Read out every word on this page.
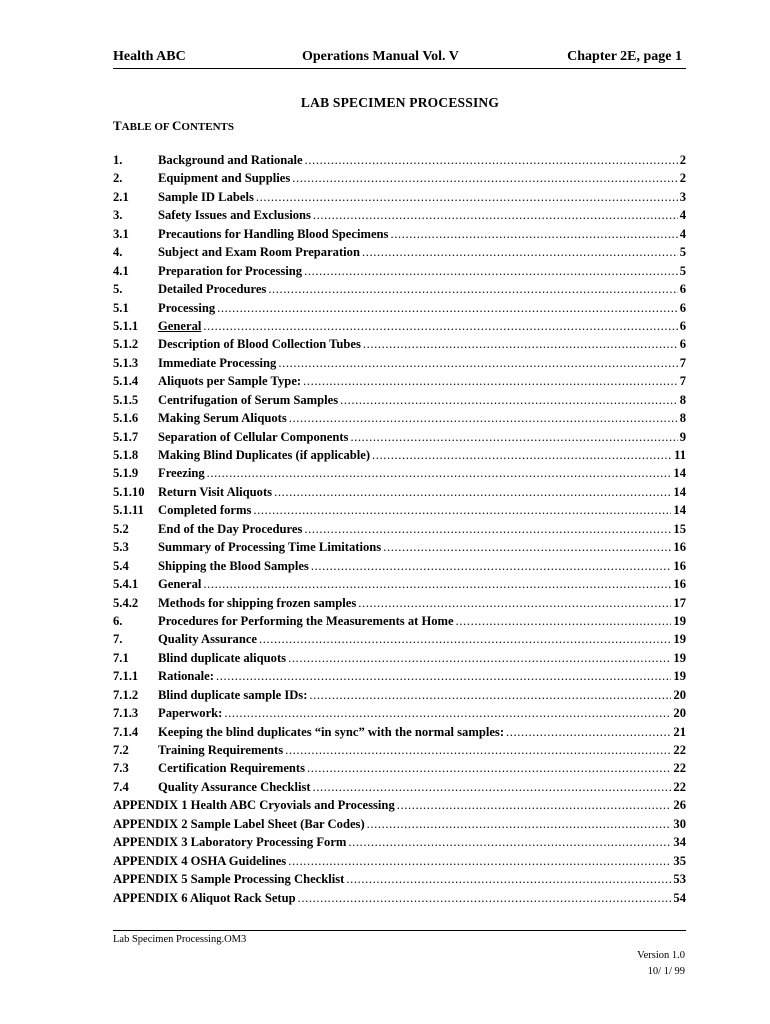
Health ABC	Operations Manual Vol. V	Chapter 2E, page 1
LAB SPECIMEN PROCESSING
TABLE OF CONTENTS
1.	Background and Rationale .....	2
2.	Equipment and Supplies .....	2
2.1	Sample ID Labels .....	3
3.	Safety Issues and Exclusions .....	4
3.1	Precautions for Handling Blood Specimens .....	4
4.	Subject and Exam Room Preparation .....	5
4.1	Preparation for Processing .....	5
5.	Detailed Procedures .....	6
5.1	Processing .....	6
5.1.1	General .....	6
5.1.2	Description of Blood Collection Tubes .....	6
5.1.3	Immediate Processing .....	7
5.1.4	Aliquots per Sample Type: .....	7
5.1.5	Centrifugation of Serum Samples .....	8
5.1.6	Making Serum Aliquots .....	8
5.1.7	Separation of Cellular Components .....	9
5.1.8	Making Blind Duplicates (if applicable) .....	11
5.1.9	Freezing .....	14
5.1.10	Return Visit Aliquots .....	14
5.1.11	Completed forms .....	14
5.2	End of the Day Procedures .....	15
5.3	Summary of Processing Time Limitations .....	16
5.4	Shipping the Blood Samples .....	16
5.4.1	General .....	16
5.4.2	Methods for shipping frozen samples .....	17
6.	Procedures for Performing the Measurements at Home .....	19
7.	Quality Assurance .....	19
7.1	Blind duplicate aliquots .....	19
7.1.1	Rationale: .....	19
7.1.2	Blind duplicate sample IDs: .....	20
7.1.3	Paperwork: .....	20
7.1.4	Keeping the blind duplicates “in sync” with the normal samples: .....	21
7.2	Training Requirements .....	22
7.3	Certification Requirements .....	22
7.4	Quality Assurance Checklist .....	22
APPENDIX 1 Health ABC Cryovials and Processing .....	26
APPENDIX 2 Sample Label Sheet (Bar Codes) .....	30
APPENDIX 3 Laboratory Processing Form .....	34
APPENDIX 4 OSHA Guidelines .....	35
APPENDIX 5 Sample Processing Checklist .....	53
APPENDIX 6 Aliquot Rack Setup .....	54
Lab Specimen Processing.OM3
Version 1.0
10/ 1/ 99
